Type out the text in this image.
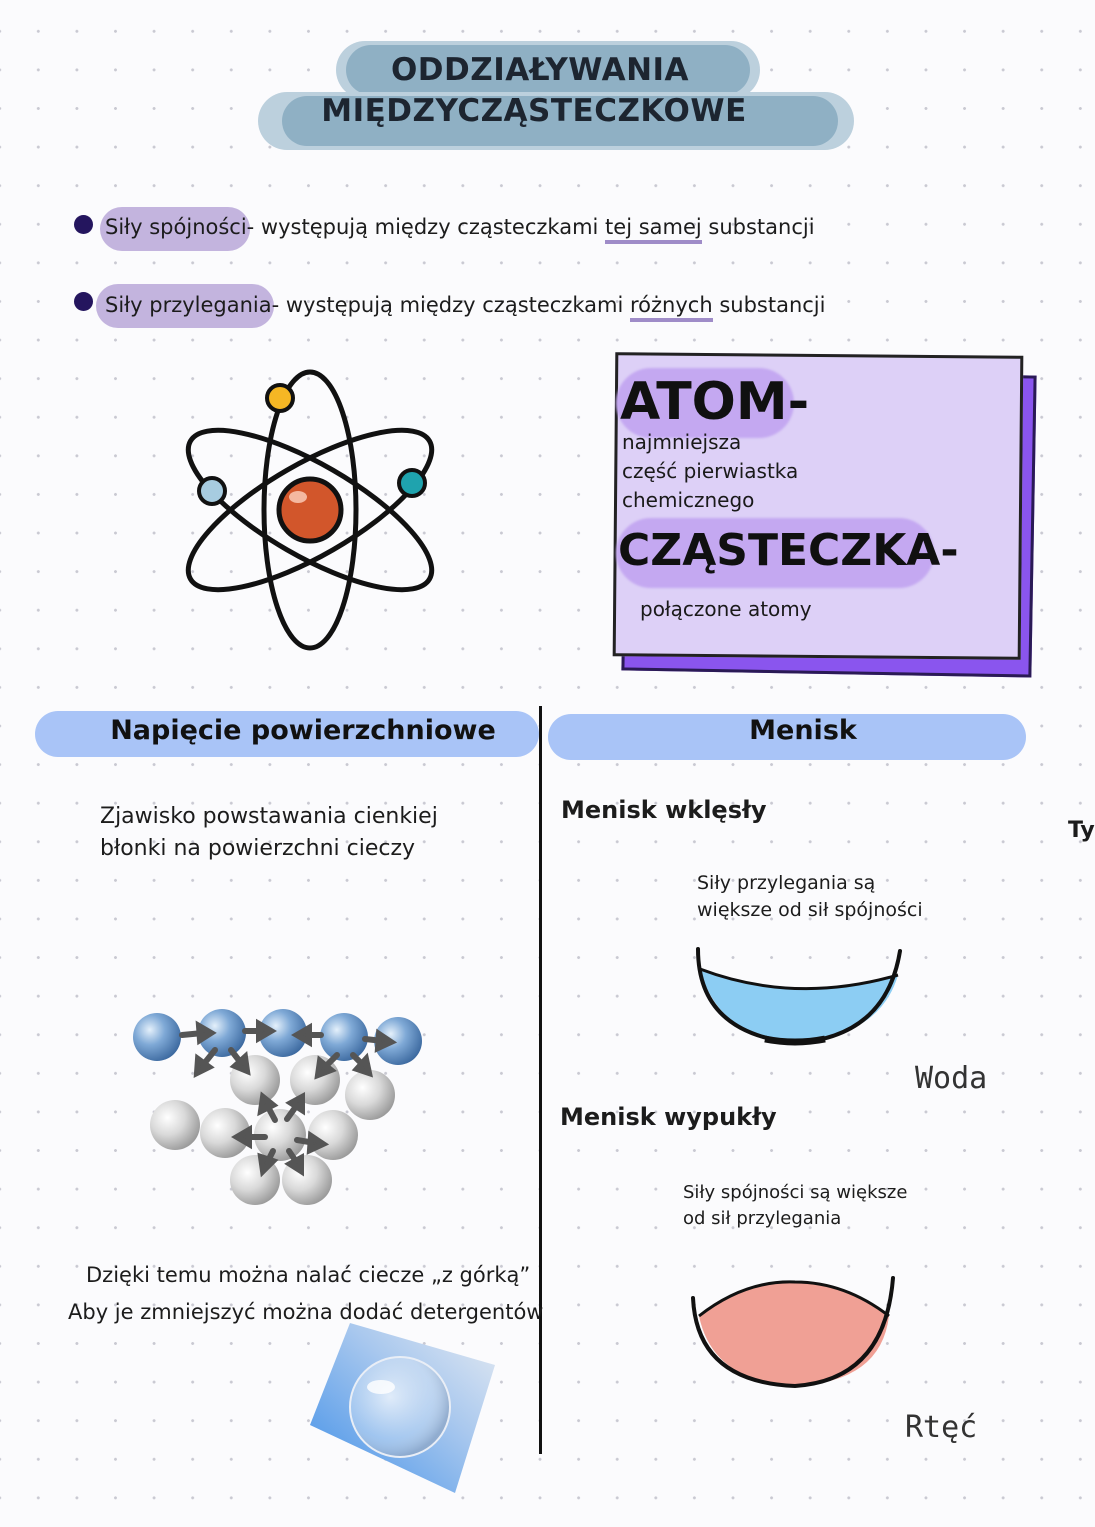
ODDZIAŁYWANIA
MIĘDZYCZĄSTECZKOWE
Siły spójności- występują między cząsteczkami tej samej substancji
Siły przylegania- występują między cząsteczkami różnych substancji
ATOM-
najmniejsza
część pierwiastka
chemicznego
CZĄSTECZKA-
połączone atomy
Napięcie powierzchniowe	Menisk
Zjawisko powstawania cienkiej
błonki na powierzchni cieczy
Dzięki temu można nalać ciecze „z górką”
Aby je zmniejszyć można dodać detergentów
Menisk wklęsły
Siły przylegania są
większe od sił spójności
Woda
Menisk wypukły
Siły spójności są większe
od sił przylegania
Rtęć
Ty
